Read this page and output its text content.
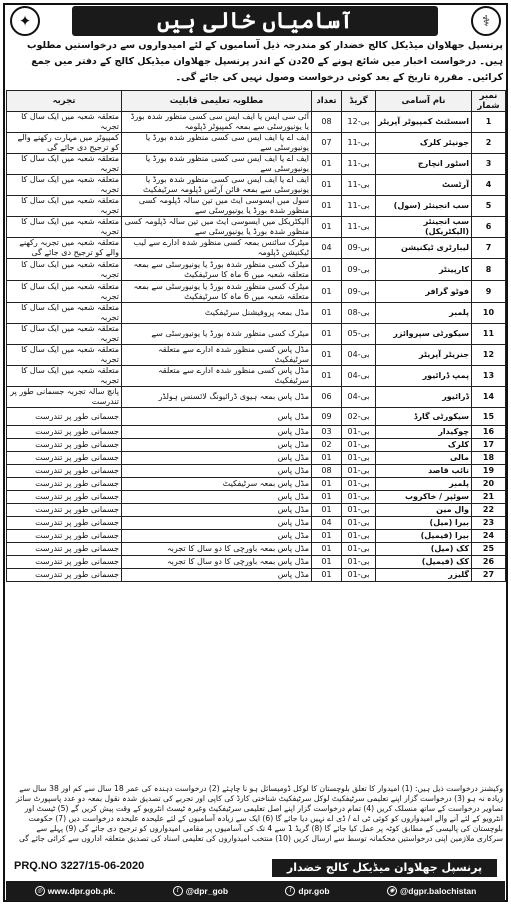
✦	آسامیاں خالی ہیں	⚕
پرنسپل جھلاوان میڈیکل کالج خضدار کو مندرجہ ذیل آسامیوں کے لئے امیدواروں سے درخواستیں مطلوب ہیں۔ درخواست اخبار میں شائع ہونے کے 20دن کے اندر پرنسپل جھلاوان میڈیکل کالج کے دفتر میں جمع کرائیں۔ مقررہ تاریخ کے بعد کوئی درخواست وصول نہیں کی جائے گی۔
نمبر شمار	نام آسامی	گریڈ	تعداد	مطلوبہ تعلیمی قابلیت	تجربہ
1	اسسٹنٹ کمپیوٹر آپریٹر	بی-12	08	آئی سی ایس یا ایف ایس سی کسی منظور شدہ بورڈ یا یونیورسٹی سے بمعہ کمپیوٹر ڈپلومہ	متعلقہ شعبہ میں ایک سال کا تجربہ
2	جونیئر کلرک	بی-11	07	ایف اے یا ایف ایس سی کسی منظور شدہ بورڈ یا یونیورسٹی سے	کمپیوٹر میں مہارت رکھنے والے کو ترجیح دی جائے گی
3	اسٹور انچارج	بی-11	01	ایف اے یا ایف ایس سی کسی منظور شدہ بورڈ یا یونیورسٹی سے	متعلقہ شعبہ میں ایک سال کا تجربہ
4	آرٹسٹ	بی-11	01	ایف اے یا ایف ایس سی کسی منظور شدہ بورڈ یا یونیورسٹی سے بمعہ فائن آرٹس ڈپلومہ سرٹیفکیٹ	متعلقہ شعبہ میں ایک سال کا تجربہ
5	سب انجینئر (سول)	بی-11	01	سول میں ایسوسی ایٹ میں تین سالہ ڈپلومہ کسی منظور شدہ بورڈ یا یونیورسٹی سے	متعلقہ شعبہ میں ایک سال کا تجربہ
6	سب انجینئر (الیکٹریکل)	بی-11	01	الیکٹریکل میں ایسوسی ایٹ میں تین سالہ ڈپلومہ کسی منظور شدہ بورڈ یا یونیورسٹی سے	متعلقہ شعبہ میں ایک سال کا تجربہ
7	لیبارٹری ٹیکنیشن	بی-09	04	میٹرک سائنس بمعہ کسی منظور شدہ ادارے سے لیب ٹیکنیشن ڈپلومہ	متعلقہ شعبہ میں تجربہ رکھنے والے کو ترجیح دی جائے گی
8	کارپینٹر	بی-09	01	میٹرک کسی منظور شدہ بورڈ یا یونیورسٹی سے بمعہ متعلقہ شعبہ میں 6 ماہ کا سرٹیفکیٹ	متعلقہ شعبہ میں ایک سال کا تجربہ
9	فوٹو گرافر	بی-09	01	میٹرک کسی منظور شدہ بورڈ یا یونیورسٹی سے بمعہ متعلقہ شعبہ میں 6 ماہ کا سرٹیفکیٹ	متعلقہ شعبہ میں ایک سال کا تجربہ
10	پلمبر	بی-08	01	مڈل بمعہ پروفیشنل سرٹیفکیٹ	متعلقہ شعبہ میں ایک سال کا تجربہ
11	سیکورٹی سپروائزر	بی-05	01	میٹرک کسی منظور شدہ بورڈ یا یونیورسٹی سے	متعلقہ شعبہ میں ایک سال کا تجربہ
12	جنریٹر آپریٹر	بی-04	01	مڈل پاس کسی منظور شدہ ادارے سے متعلقہ سرٹیفکیٹ	متعلقہ شعبہ میں ایک سال کا تجربہ
13	پمپ ڈرائیور	بی-04	01	مڈل پاس کسی منظور شدہ ادارے سے متعلقہ سرٹیفکیٹ	متعلقہ شعبہ میں ایک سال کا تجربہ
14	ڈرائیور	بی-04	06	مڈل پاس بمعہ ہیوی ڈرائیونگ لائسنس ہولڈر	پانچ سالہ تجربہ جسمانی طور پر تندرست
15	سیکورٹی گارڈ	بی-02	09	مڈل پاس	جسمانی طور پر تندرست
16	چوکیدار	بی-01	03	مڈل پاس	جسمانی طور پر تندرست
17	کلرک	بی-01	02	مڈل پاس	جسمانی طور پر تندرست
18	مالی	بی-01	01	مڈل پاس	جسمانی طور پر تندرست
19	نائب قاصد	بی-01	08	مڈل پاس	جسمانی طور پر تندرست
20	پلمبر	بی-01	01	مڈل پاس بمعہ سرٹیفکیٹ	جسمانی طور پر تندرست
21	سوئپر / خاکروب	بی-01	01	مڈل پاس	جسمانی طور پر تندرست
22	وال مین	بی-01	01	مڈل پاس	جسمانی طور پر تندرست
23	بیرا (میل)	بی-01	04	مڈل پاس	جسمانی طور پر تندرست
24	بیرا (فیمیل)	بی-01	01	مڈل پاس	جسمانی طور پر تندرست
25	کک (میل)	بی-01	01	مڈل پاس بمعہ باورچی کا دو سال کا تجربہ	جسمانی طور پر تندرست
26	کک (فیمیل)	بی-01	01	مڈل پاس بمعہ باورچی کا دو سال کا تجربہ	جسمانی طور پر تندرست
27	گلیزر	بی-01	01	مڈل پاس	جسمانی طور پر تندرست
وکیشنز درخواست ذیل ہیں: (1) امیدوار کا تعلق بلوچستان کا لوکل ڈومیسائل ہو نا چاہئے (2) درخواست دہندہ کی عمر 18 سال سے کم اور 38 سال سے زیادہ نہ ہو (3) درخواست گزار اپنے تعلیمی سرٹیفکیٹ لوکل سرٹیفکیٹ شناختی کارڈ کی کاپی اور تجربے کی تصدیق شدہ نقول بمعہ دو عدد پاسپورٹ سائز تصاویر درخواست کے ساتھ منسلک کریں (4) تمام درخواست گزار اپنے اصل تعلیمی سرٹیفکیٹ وغیرہ ٹیسٹ انٹرویو کے وقت پیش کریں گے (5) ٹیسٹ اور انٹرویو کے لئے آنے والے امیدواروں کو کوئی ٹی اے / ڈی اے نہیں دیا جائے گا (6) ایک سے زیادہ آسامیوں کے لئے علیحدہ علیحدہ درخواست دیں (7) حکومت بلوچستان کی پالیسی کے مطابق کوٹہ پر عمل کیا جائے گا (8) گریڈ 1 سے 4 تک کی آسامیوں پر مقامی امیدواروں کو ترجیح دی جائے گی (9) پہلے سے سرکاری ملازمین اپنی درخواستیں محکمانہ توسط سے ارسال کریں (10) منتخب امیدواروں کی تعلیمی اسناد کی تصدیق متعلقہ اداروں سے کرائی جائے گی
PRQ.NO 3227/15-06-2020	پرنسپل جھلاوان میڈیکل کالج خضدار
◎ www.dpr.gob.pk.	t @dpr_gob	f dpr.gob	◉ @dgpr.balochistan
